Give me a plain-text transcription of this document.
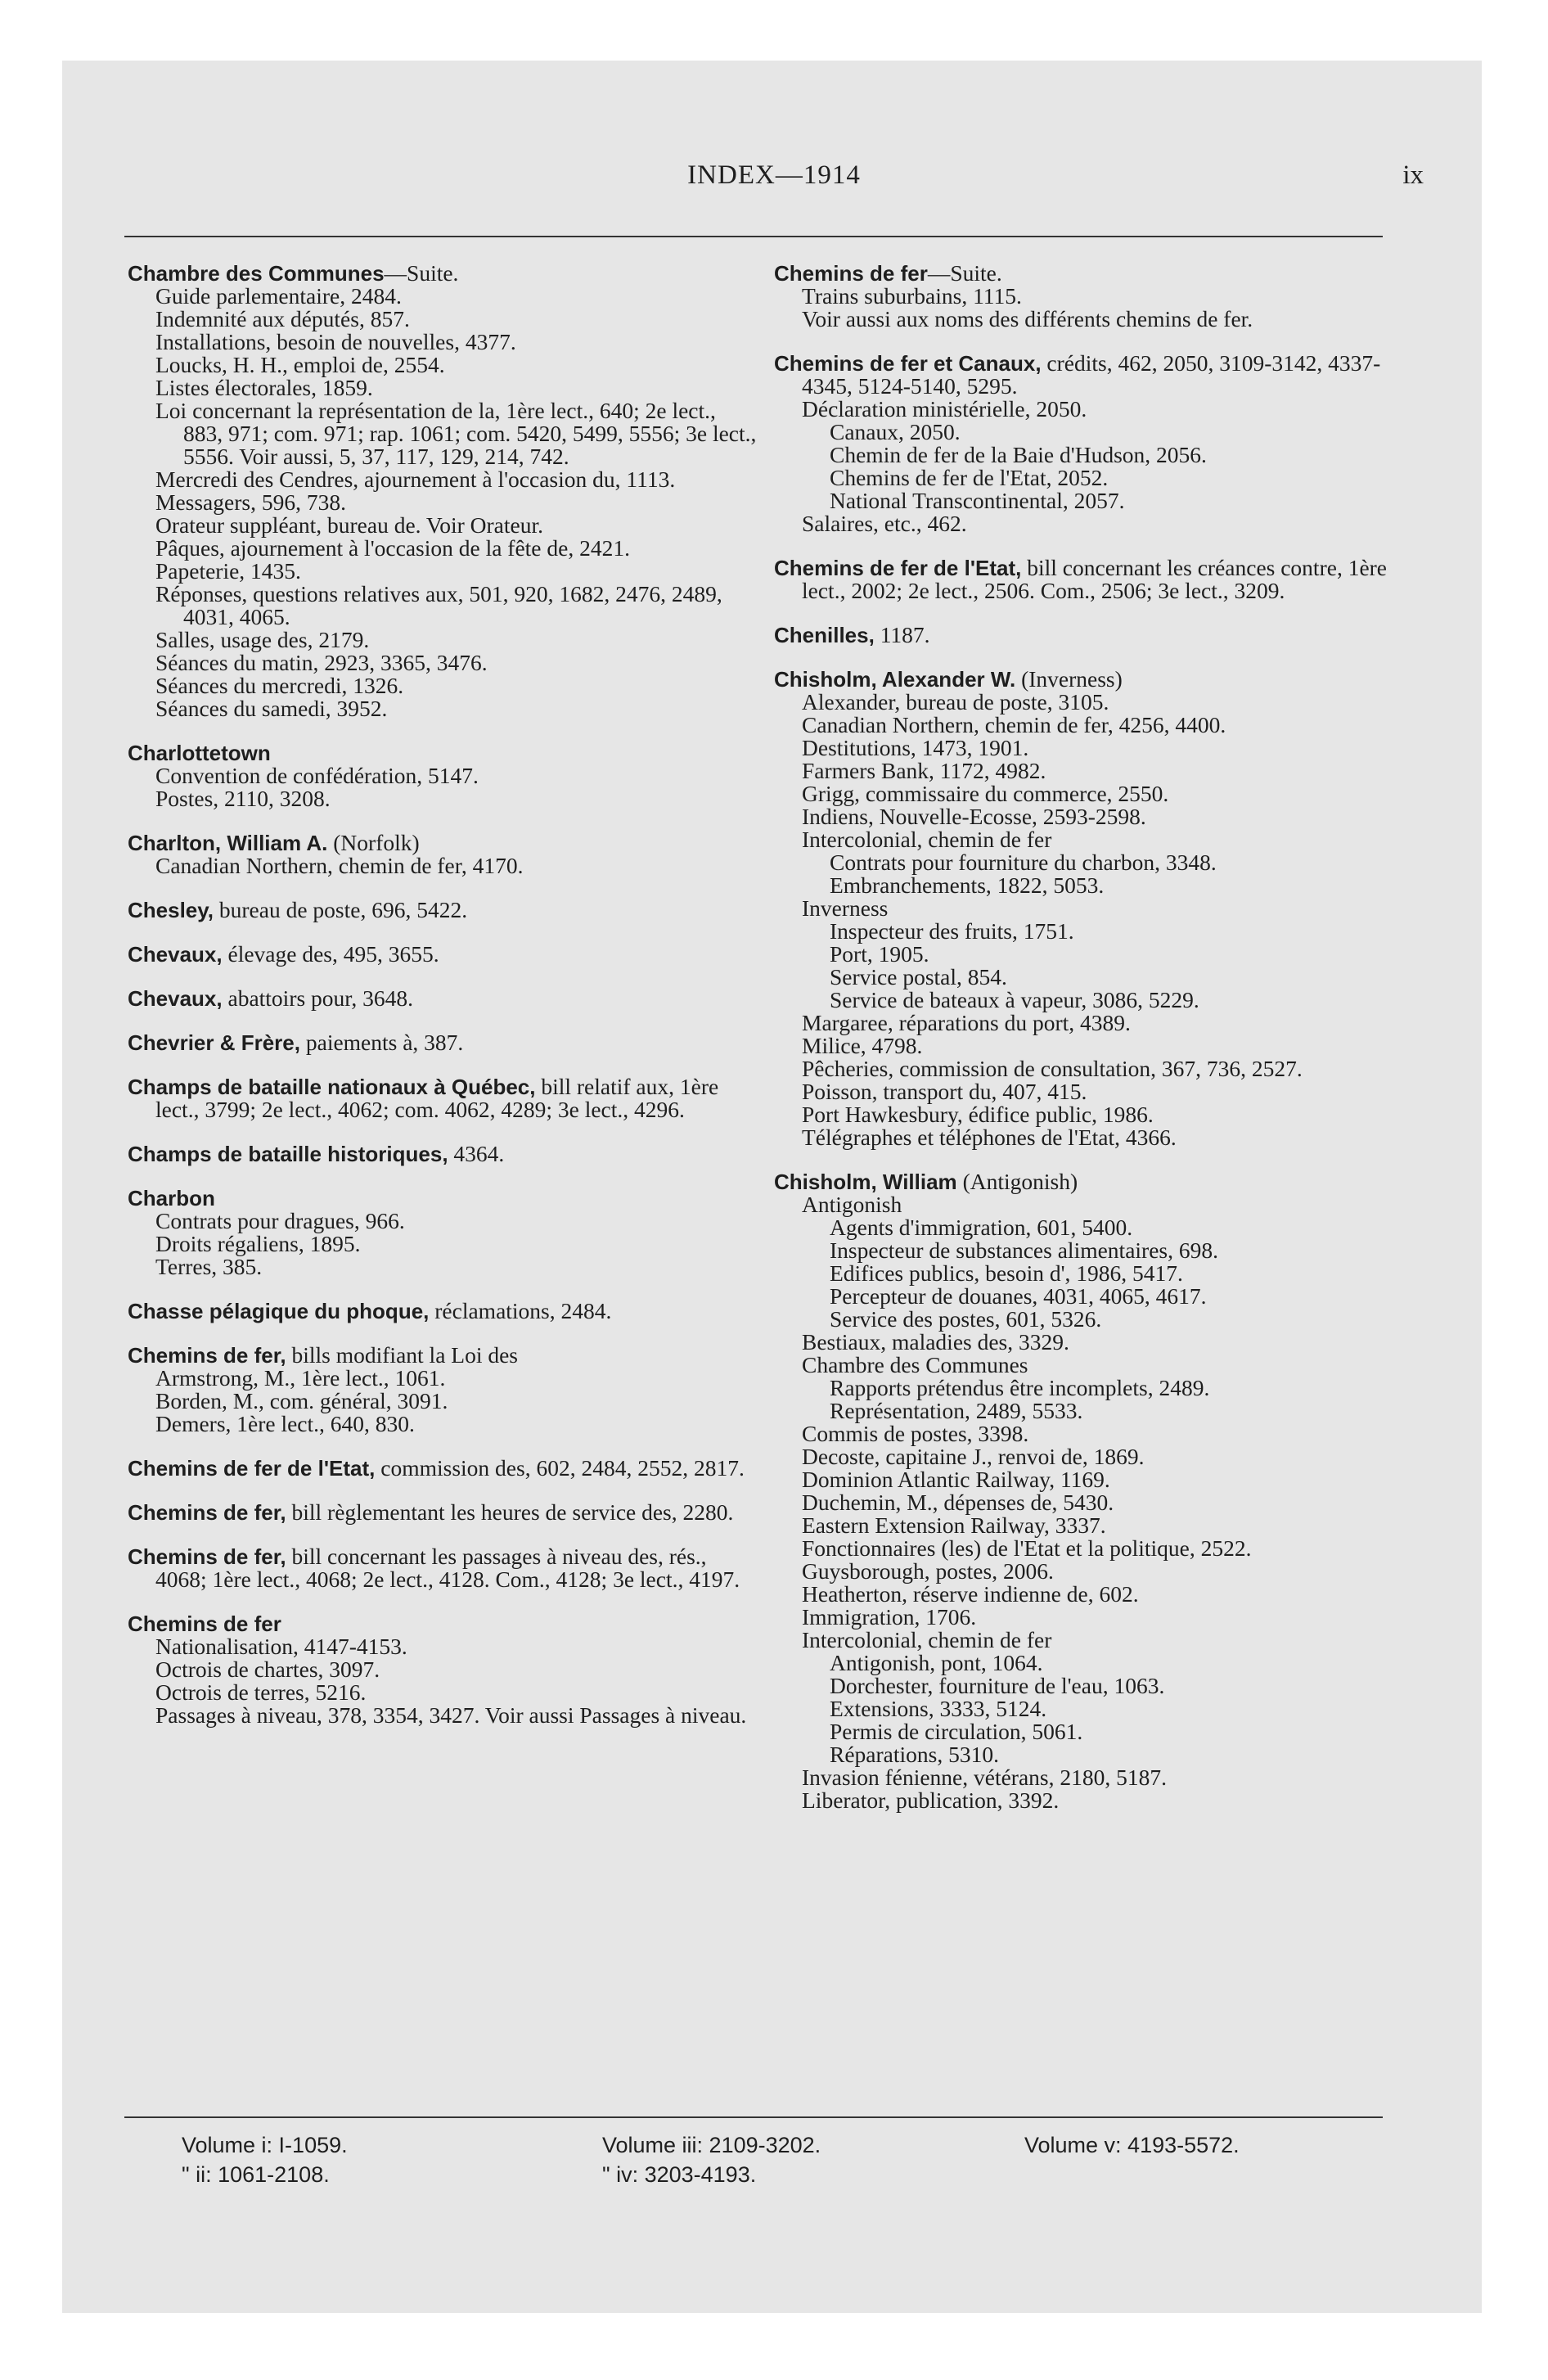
INDEX—1914	ix
Chambre des Communes—Suite.
Guide parlementaire, 2484.
Indemnité aux députés, 857.
Installations, besoin de nouvelles, 4377.
Loucks, H. H., emploi de, 2554.
Listes électorales, 1859.
Loi concernant la représentation de la, 1ère lect., 640; 2e lect., 883, 971; com. 971; rap. 1061; com. 5420, 5499, 5556; 3e lect., 5556. Voir aussi, 5, 37, 117, 129, 214, 742.
Mercredi des Cendres, ajournement à l'occasion du, 1113.
Messagers, 596, 738.
Orateur suppléant, bureau de. Voir Orateur.
Pâques, ajournement à l'occasion de la fête de, 2421.
Papeterie, 1435.
Réponses, questions relatives aux, 501, 920, 1682, 2476, 2489, 4031, 4065.
Salles, usage des, 2179.
Séances du matin, 2923, 3365, 3476.
Séances du mercredi, 1326.
Séances du samedi, 3952.
Charlottetown
Convention de confédération, 5147.
Postes, 2110, 3208.
Charlton, William A. (Norfolk)
Canadian Northern, chemin de fer, 4170.
Chesley, bureau de poste, 696, 5422.
Chevaux, élevage des, 495, 3655.
Chevaux, abattoirs pour, 3648.
Chevrier & Frère, paiements à, 387.
Champs de bataille nationaux à Québec, bill relatif aux, 1ère lect., 3799; 2e lect., 4062; com. 4062, 4289; 3e lect., 4296.
Champs de bataille historiques, 4364.
Charbon
Contrats pour dragues, 966.
Droits régaliens, 1895.
Terres, 385.
Chasse pélagique du phoque, réclamations, 2484.
Chemins de fer, bills modifiant la Loi des
Armstrong, M., 1ère lect., 1061.
Borden, M., com. général, 3091.
Demers, 1ère lect., 640, 830.
Chemins de fer de l'Etat, commission des, 602, 2484, 2552, 2817.
Chemins de fer, bill règlementant les heures de service des, 2280.
Chemins de fer, bill concernant les passages à niveau des, rés., 4068; 1ère lect., 4068; 2e lect., 4128. Com., 4128; 3e lect., 4197.
Chemins de fer
Nationalisation, 4147-4153.
Octrois de chartes, 3097.
Octrois de terres, 5216.
Passages à niveau, 378, 3354, 3427. Voir aussi Passages à niveau.
Chemins de fer—Suite.
Trains suburbains, 1115.
Voir aussi aux noms des différents chemins de fer.
Chemins de fer et Canaux, crédits, 462, 2050, 3109-3142, 4337-4345, 5124-5140, 5295.
Déclaration ministérielle, 2050.
Canaux, 2050.
Chemin de fer de la Baie d'Hudson, 2056.
Chemins de fer de l'Etat, 2052.
National Transcontinental, 2057.
Salaires, etc., 462.
Chemins de fer de l'Etat, bill concernant les créances contre, 1ère lect., 2002; 2e lect., 2506. Com., 2506; 3e lect., 3209.
Chenilles, 1187.
Chisholm, Alexander W. (Inverness)
Alexander, bureau de poste, 3105.
Canadian Northern, chemin de fer, 4256, 4400.
Destitutions, 1473, 1901.
Farmers Bank, 1172, 4982.
Grigg, commissaire du commerce, 2550.
Indiens, Nouvelle-Ecosse, 2593-2598.
Intercolonial, chemin de fer
Contrats pour fourniture du charbon, 3348.
Embranchements, 1822, 5053.
Inverness
Inspecteur des fruits, 1751.
Port, 1905.
Service postal, 854.
Service de bateaux à vapeur, 3086, 5229.
Margaree, réparations du port, 4389.
Milice, 4798.
Pêcheries, commission de consultation, 367, 736, 2527.
Poisson, transport du, 407, 415.
Port Hawkesbury, édifice public, 1986.
Télégraphes et téléphones de l'Etat, 4366.
Chisholm, William (Antigonish)
Antigonish
Agents d'immigration, 601, 5400.
Inspecteur de substances alimentaires, 698.
Edifices publics, besoin d', 1986, 5417.
Percepteur de douanes, 4031, 4065, 4617.
Service des postes, 601, 5326.
Bestiaux, maladies des, 3329.
Chambre des Communes
Rapports prétendus être incomplets, 2489.
Représentation, 2489, 5533.
Commis de postes, 3398.
Decoste, capitaine J., renvoi de, 1869.
Dominion Atlantic Railway, 1169.
Duchemin, M., dépenses de, 5430.
Eastern Extension Railway, 3337.
Fonctionnaires (les) de l'Etat et la politique, 2522.
Guysborough, postes, 2006.
Heatherton, réserve indienne de, 602.
Immigration, 1706.
Intercolonial, chemin de fer
Antigonish, pont, 1064.
Dorchester, fourniture de l'eau, 1063.
Extensions, 3333, 5124.
Permis de circulation, 5061.
Réparations, 5310.
Invasion fénienne, vétérans, 2180, 5187.
Liberator, publication, 3392.
Volume i: I-1059.
" ii: 1061-2108.
Volume iii: 2109-3202.
" iv: 3203-4193.
Volume v: 4193-5572.
